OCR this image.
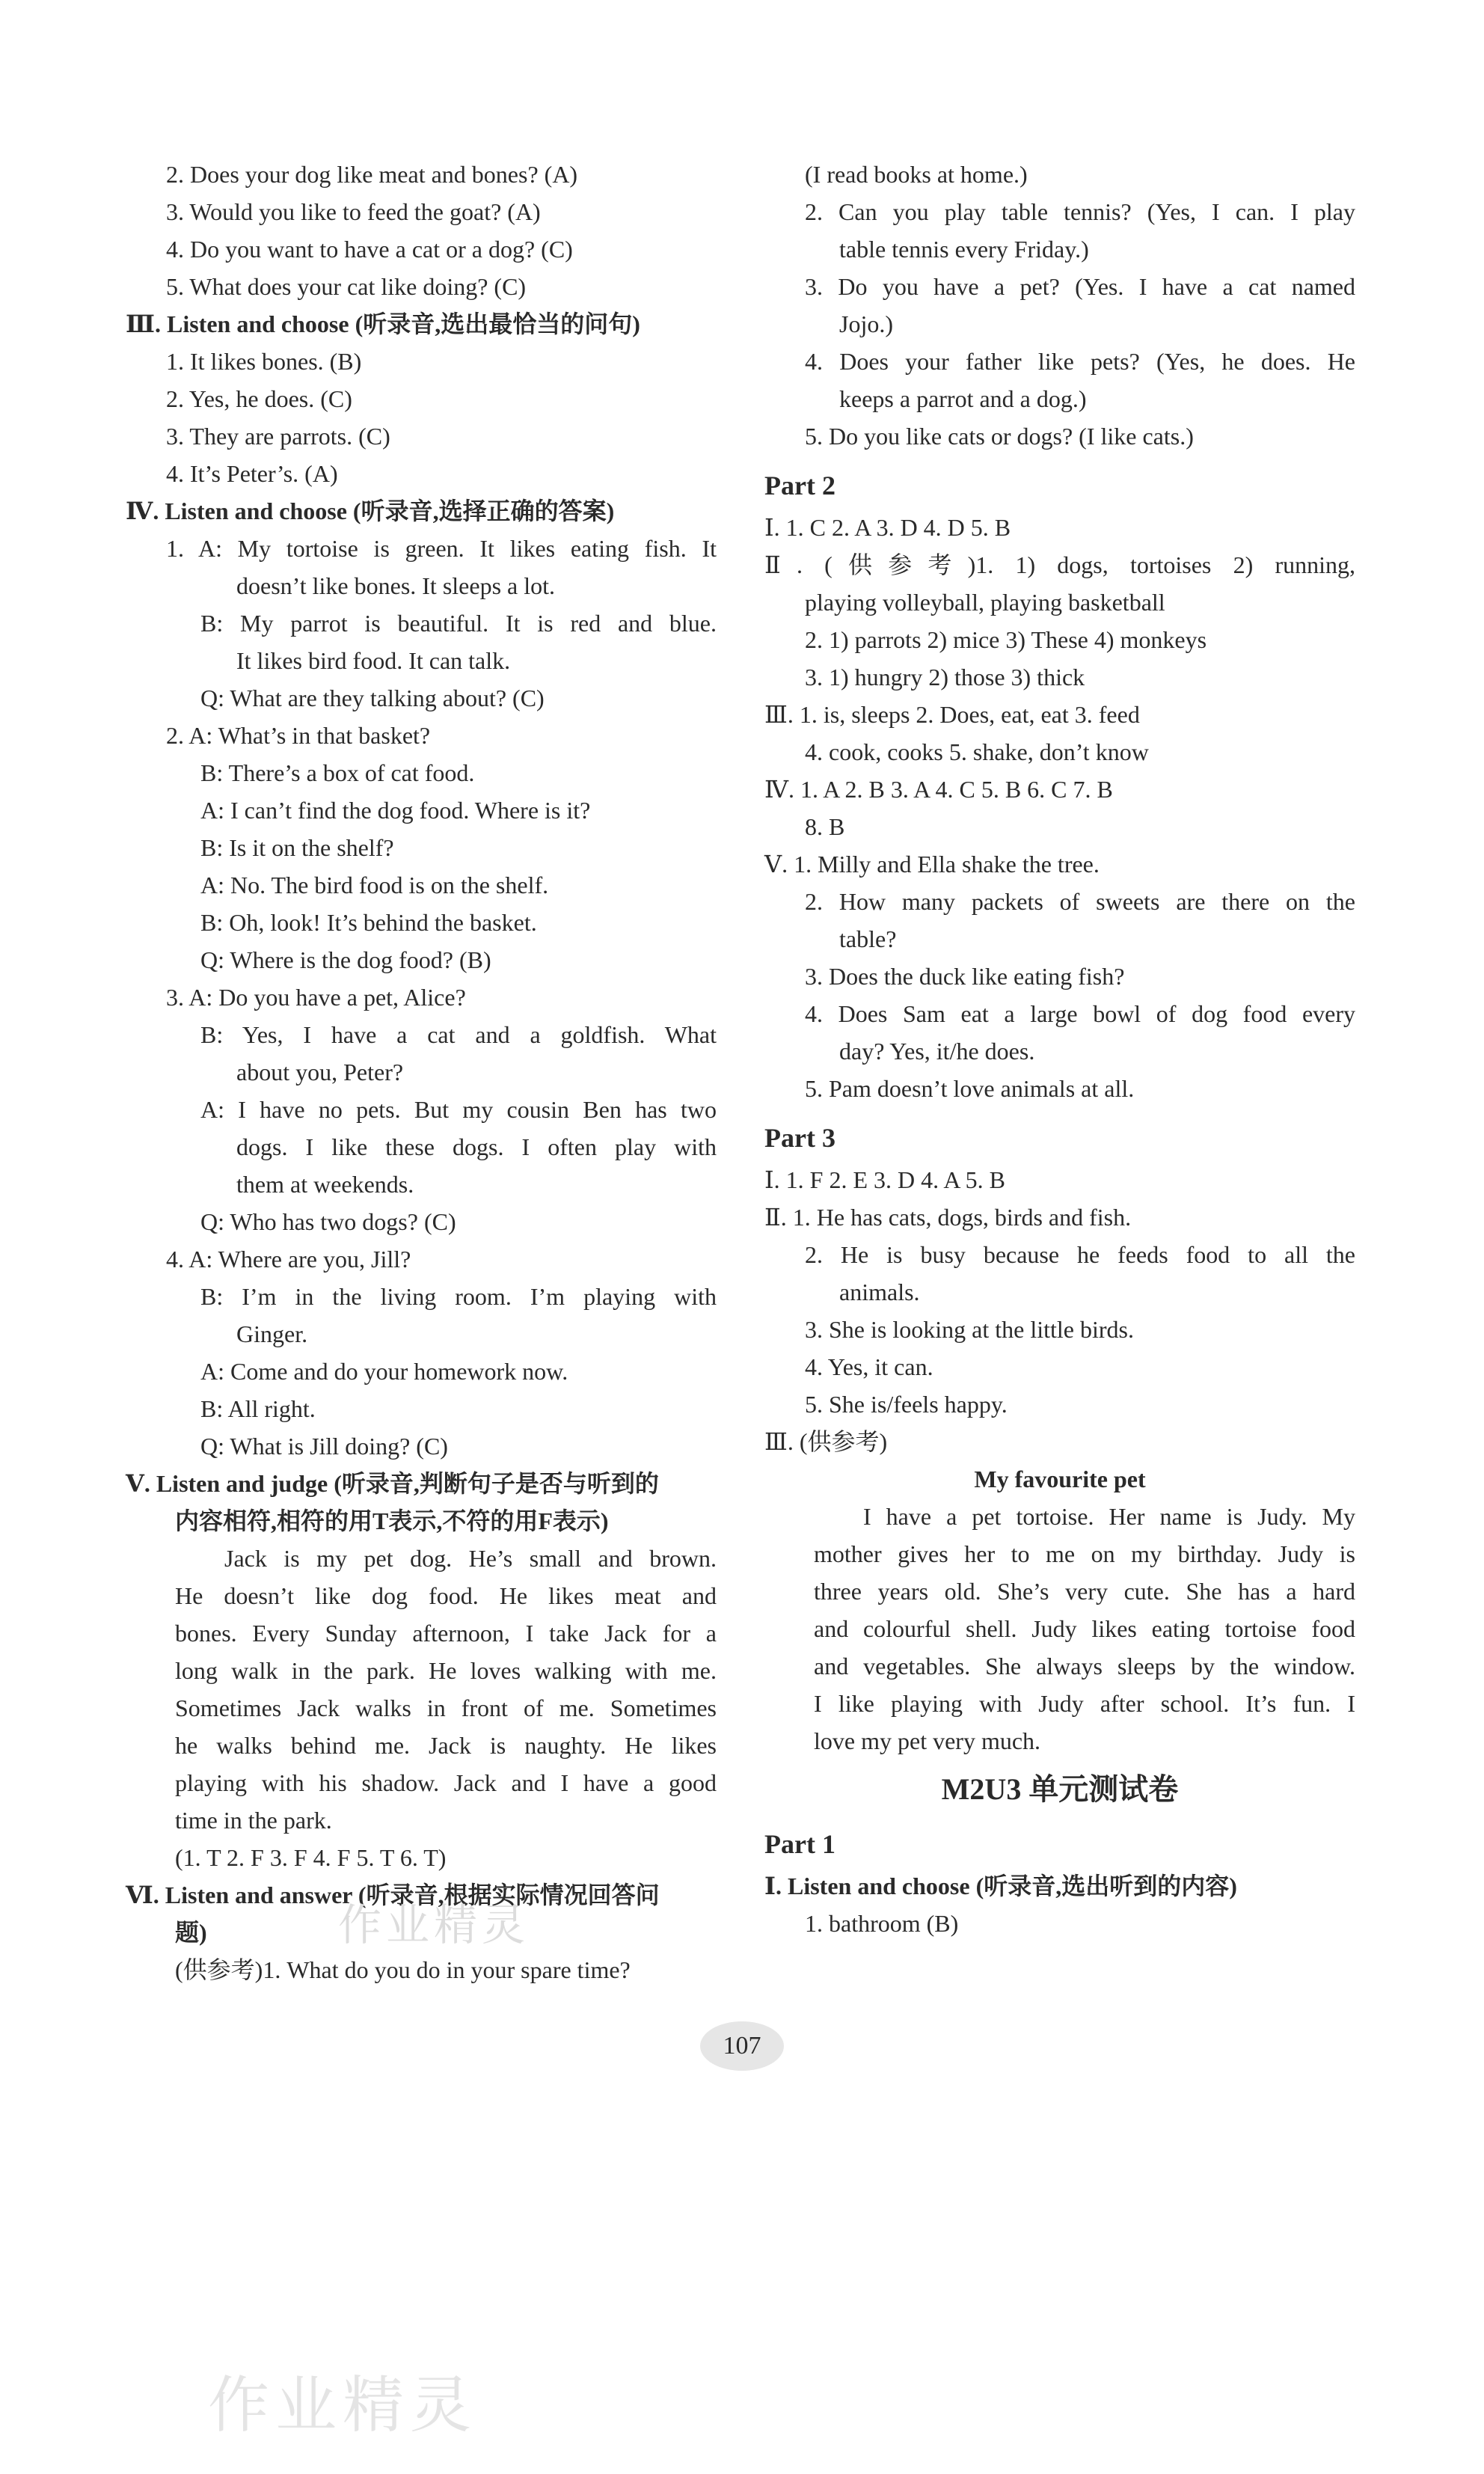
2. Does your dog like meat and bones? (A)
3. Would you like to feed the goat? (A)
4. Do you want to have a cat or a dog? (C)
5. What does your cat like doing? (C)
Ⅲ. Listen and choose (听录音,选出最恰当的问句)
1. It likes bones. (B)
2. Yes, he does. (C)
3. They are parrots. (C)
4. It’s Peter’s. (A)
Ⅳ. Listen and choose (听录音,选择正确的答案)
1. A: My tortoise is green. It likes eating fish. It
doesn’t like bones. It sleeps a lot.
B: My parrot is beautiful. It is red and blue.
It likes bird food. It can talk.
Q: What are they talking about? (C)
2. A: What’s in that basket?
B: There’s a box of cat food.
A: I can’t find the dog food. Where is it?
B: Is it on the shelf?
A: No. The bird food is on the shelf.
B: Oh, look! It’s behind the basket.
Q: Where is the dog food? (B)
3. A: Do you have a pet, Alice?
B: Yes, I have a cat and a goldfish. What
about you, Peter?
A: I have no pets. But my cousin Ben has two
dogs. I like these dogs. I often play with
them at weekends.
Q: Who has two dogs? (C)
4. A: Where are you, Jill?
B: I’m in the living room. I’m playing with
Ginger.
A: Come and do your homework now.
B: All right.
Q: What is Jill doing? (C)
Ⅴ. Listen and judge (听录音,判断句子是否与听到的
内容相符,相符的用T表示,不符的用F表示)
Jack is my pet dog. He’s small and brown.
He doesn’t like dog food. He likes meat and
bones. Every Sunday afternoon, I take Jack for a
long walk in the park. He loves walking with me.
Sometimes Jack walks in front of me. Sometimes
he walks behind me. Jack is naughty. He likes
playing with his shadow. Jack and I have a good
time in the park.
(1. T 2. F 3. F 4. F 5. T 6. T)
Ⅵ. Listen and answer (听录音,根据实际情况回答问
题)
(供参考)1. What do you do in your spare time?
(I read books at home.)
2. Can you play table tennis? (Yes, I can. I play
table tennis every Friday.)
3. Do you have a pet? (Yes. I have a cat named
Jojo.)
4. Does your father like pets? (Yes, he does. He
keeps a parrot and a dog.)
5. Do you like cats or dogs? (I like cats.)
Part 2
Ⅰ. 1. C 2. A 3. D 4. D 5. B
Ⅱ. (供参考)1. 1) dogs, tortoises 2) running,
playing volleyball, playing basketball
2. 1) parrots 2) mice 3) These 4) monkeys
3. 1) hungry 2) those 3) thick
Ⅲ. 1. is, sleeps 2. Does, eat, eat 3. feed
4. cook, cooks 5. shake, don’t know
Ⅳ. 1. A 2. B 3. A 4. C 5. B 6. C 7. B
8. B
Ⅴ. 1. Milly and Ella shake the tree.
2. How many packets of sweets are there on the
table?
3. Does the duck like eating fish?
4. Does Sam eat a large bowl of dog food every
day? Yes, it/he does.
5. Pam doesn’t love animals at all.
Part 3
Ⅰ. 1. F 2. E 3. D 4. A 5. B
Ⅱ. 1. He has cats, dogs, birds and fish.
2. He is busy because he feeds food to all the
animals.
3. She is looking at the little birds.
4. Yes, it can.
5. She is/feels happy.
Ⅲ. (供参考)
My favourite pet
I have a pet tortoise. Her name is Judy. My
mother gives her to me on my birthday. Judy is
three years old. She’s very cute. She has a hard
and colourful shell. Judy likes eating tortoise food
and vegetables. She always sleeps by the window.
I like playing with Judy after school. It’s fun. I
love my pet very much.
M2U3 单元测试卷
Part 1
Ⅰ. Listen and choose (听录音,选出听到的内容)
1. bathroom (B)
107
作业精灵
作业精灵
